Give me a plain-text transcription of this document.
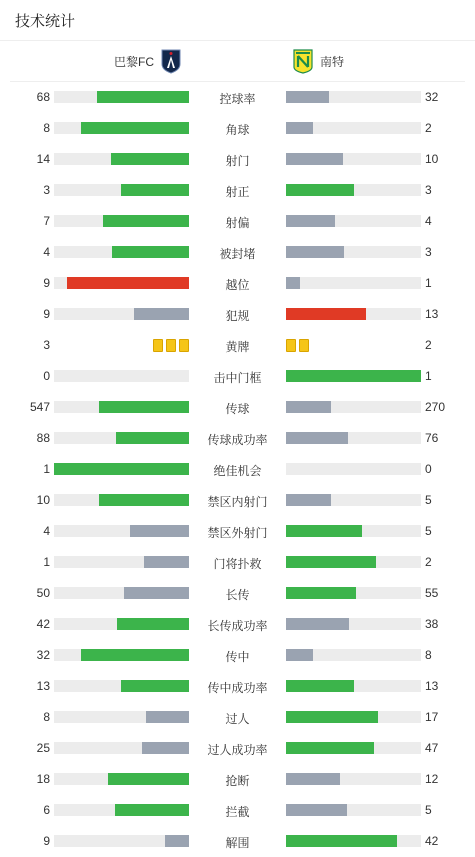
技术统计
巴黎FC	南特
68	控球率	32
8	角球	2
14	射门	10
3	射正	3
7	射偏	4
4	被封堵	3
9	越位	1
9	犯规	13
3	黄牌	2
0	击中门框	1
547	传球	270
88	传球成功率	76
1	绝佳机会	0
10	禁区内射门	5
4	禁区外射门	5
1	门将扑救	2
50	长传	55
42	长传成功率	38
32	传中	8
13	传中成功率	13
8	过人	17
25	过人成功率	47
18	抢断	12
6	拦截	5
9	解围	42
